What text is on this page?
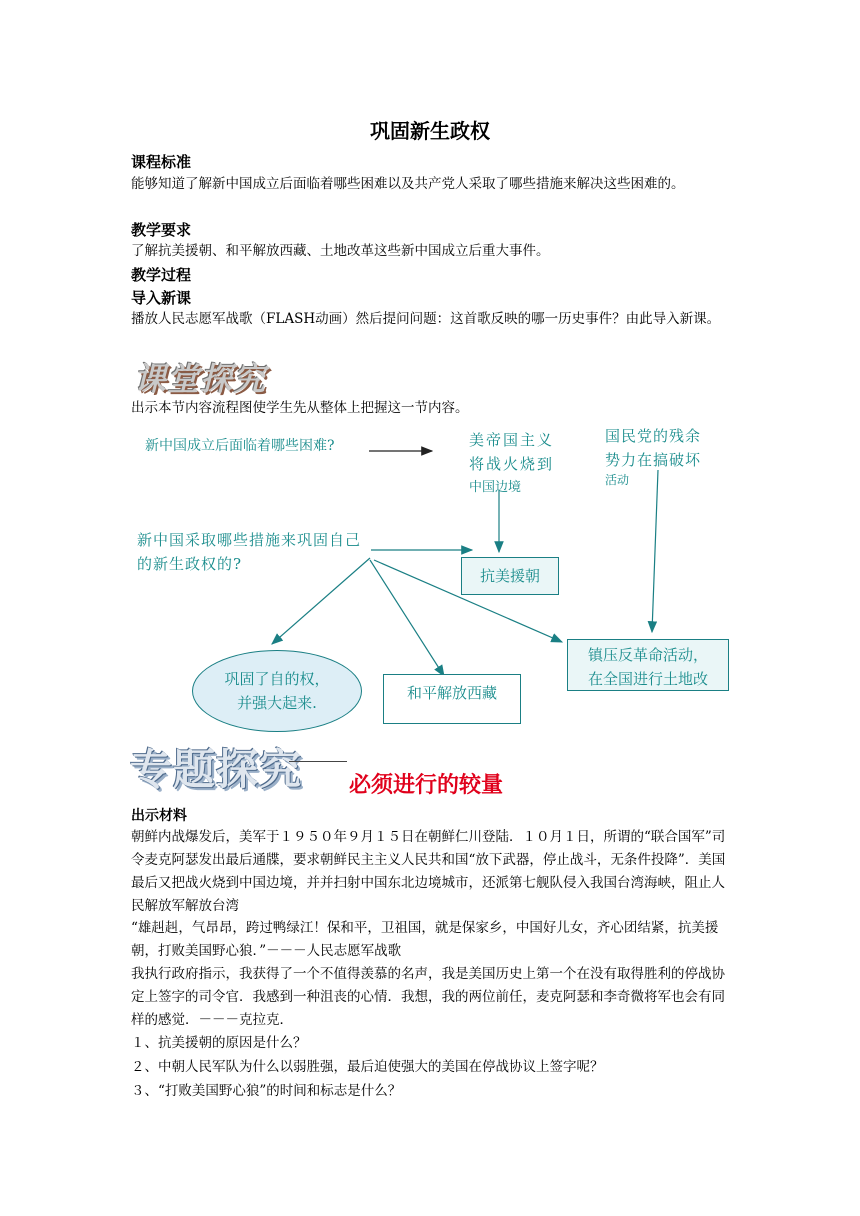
巩固新生政权
课程标准
能够知道了解新中国成立后面临着哪些困难以及共产党人采取了哪些措施来解决这些困难的。
教学要求
了解抗美援朝、和平解放西藏、土地改革这些新中国成立后重大事件。
教学过程
导入新课
播放人民志愿军战歌（FLASH动画）然后提问问题：这首歌反映的哪一历史事件？由此导入新课。
课堂探究
出示本节内容流程图使学生先从整体上把握这一节内容。
新中国成立后面临着哪些困难?	美帝国主义
将战火烧到
中国边境
国民党的残余
势力在搞破坏
活动
新中国采取哪些措施来巩固自己
的新生政权的?
抗美援朝
镇压反革命活动，
在全国进行土地改
巩固了自的权，
并强大起来.
和平解放西藏
专题探究 必须进行的较量
出示材料
朝鲜内战爆发后，美军于１９５０年９月１５日在朝鲜仁川登陆．１０月１日，所谓的“联合国军”司令麦克阿瑟发出最后通牒，要求朝鲜民主主义人民共和国“放下武器，停止战斗，无条件投降”．美国最后又把战火烧到中国边境，并并扫射中国东北边境城市，还派第七舰队侵入我国台湾海峡，阻止人民解放军解放台湾
“雄赳赳，气昂昂，跨过鸭绿江！保和平，卫祖国，就是保家乡，中国好儿女，齐心团结紧，抗美援朝，打败美国野心狼．”－－－人民志愿军战歌
我执行政府指示，我获得了一个不值得羡慕的名声，我是美国历史上第一个在没有取得胜利的停战协定上签字的司令官．我感到一种沮丧的心情．我想，我的两位前任，麦克阿瑟和李奇微将军也会有同样的感觉．－－－克拉克．
１、抗美援朝的原因是什么？
２、中朝人民军队为什么以弱胜强，最后迫使强大的美国在停战协议上签字呢？
３、“打败美国野心狼”的时间和标志是什么？
